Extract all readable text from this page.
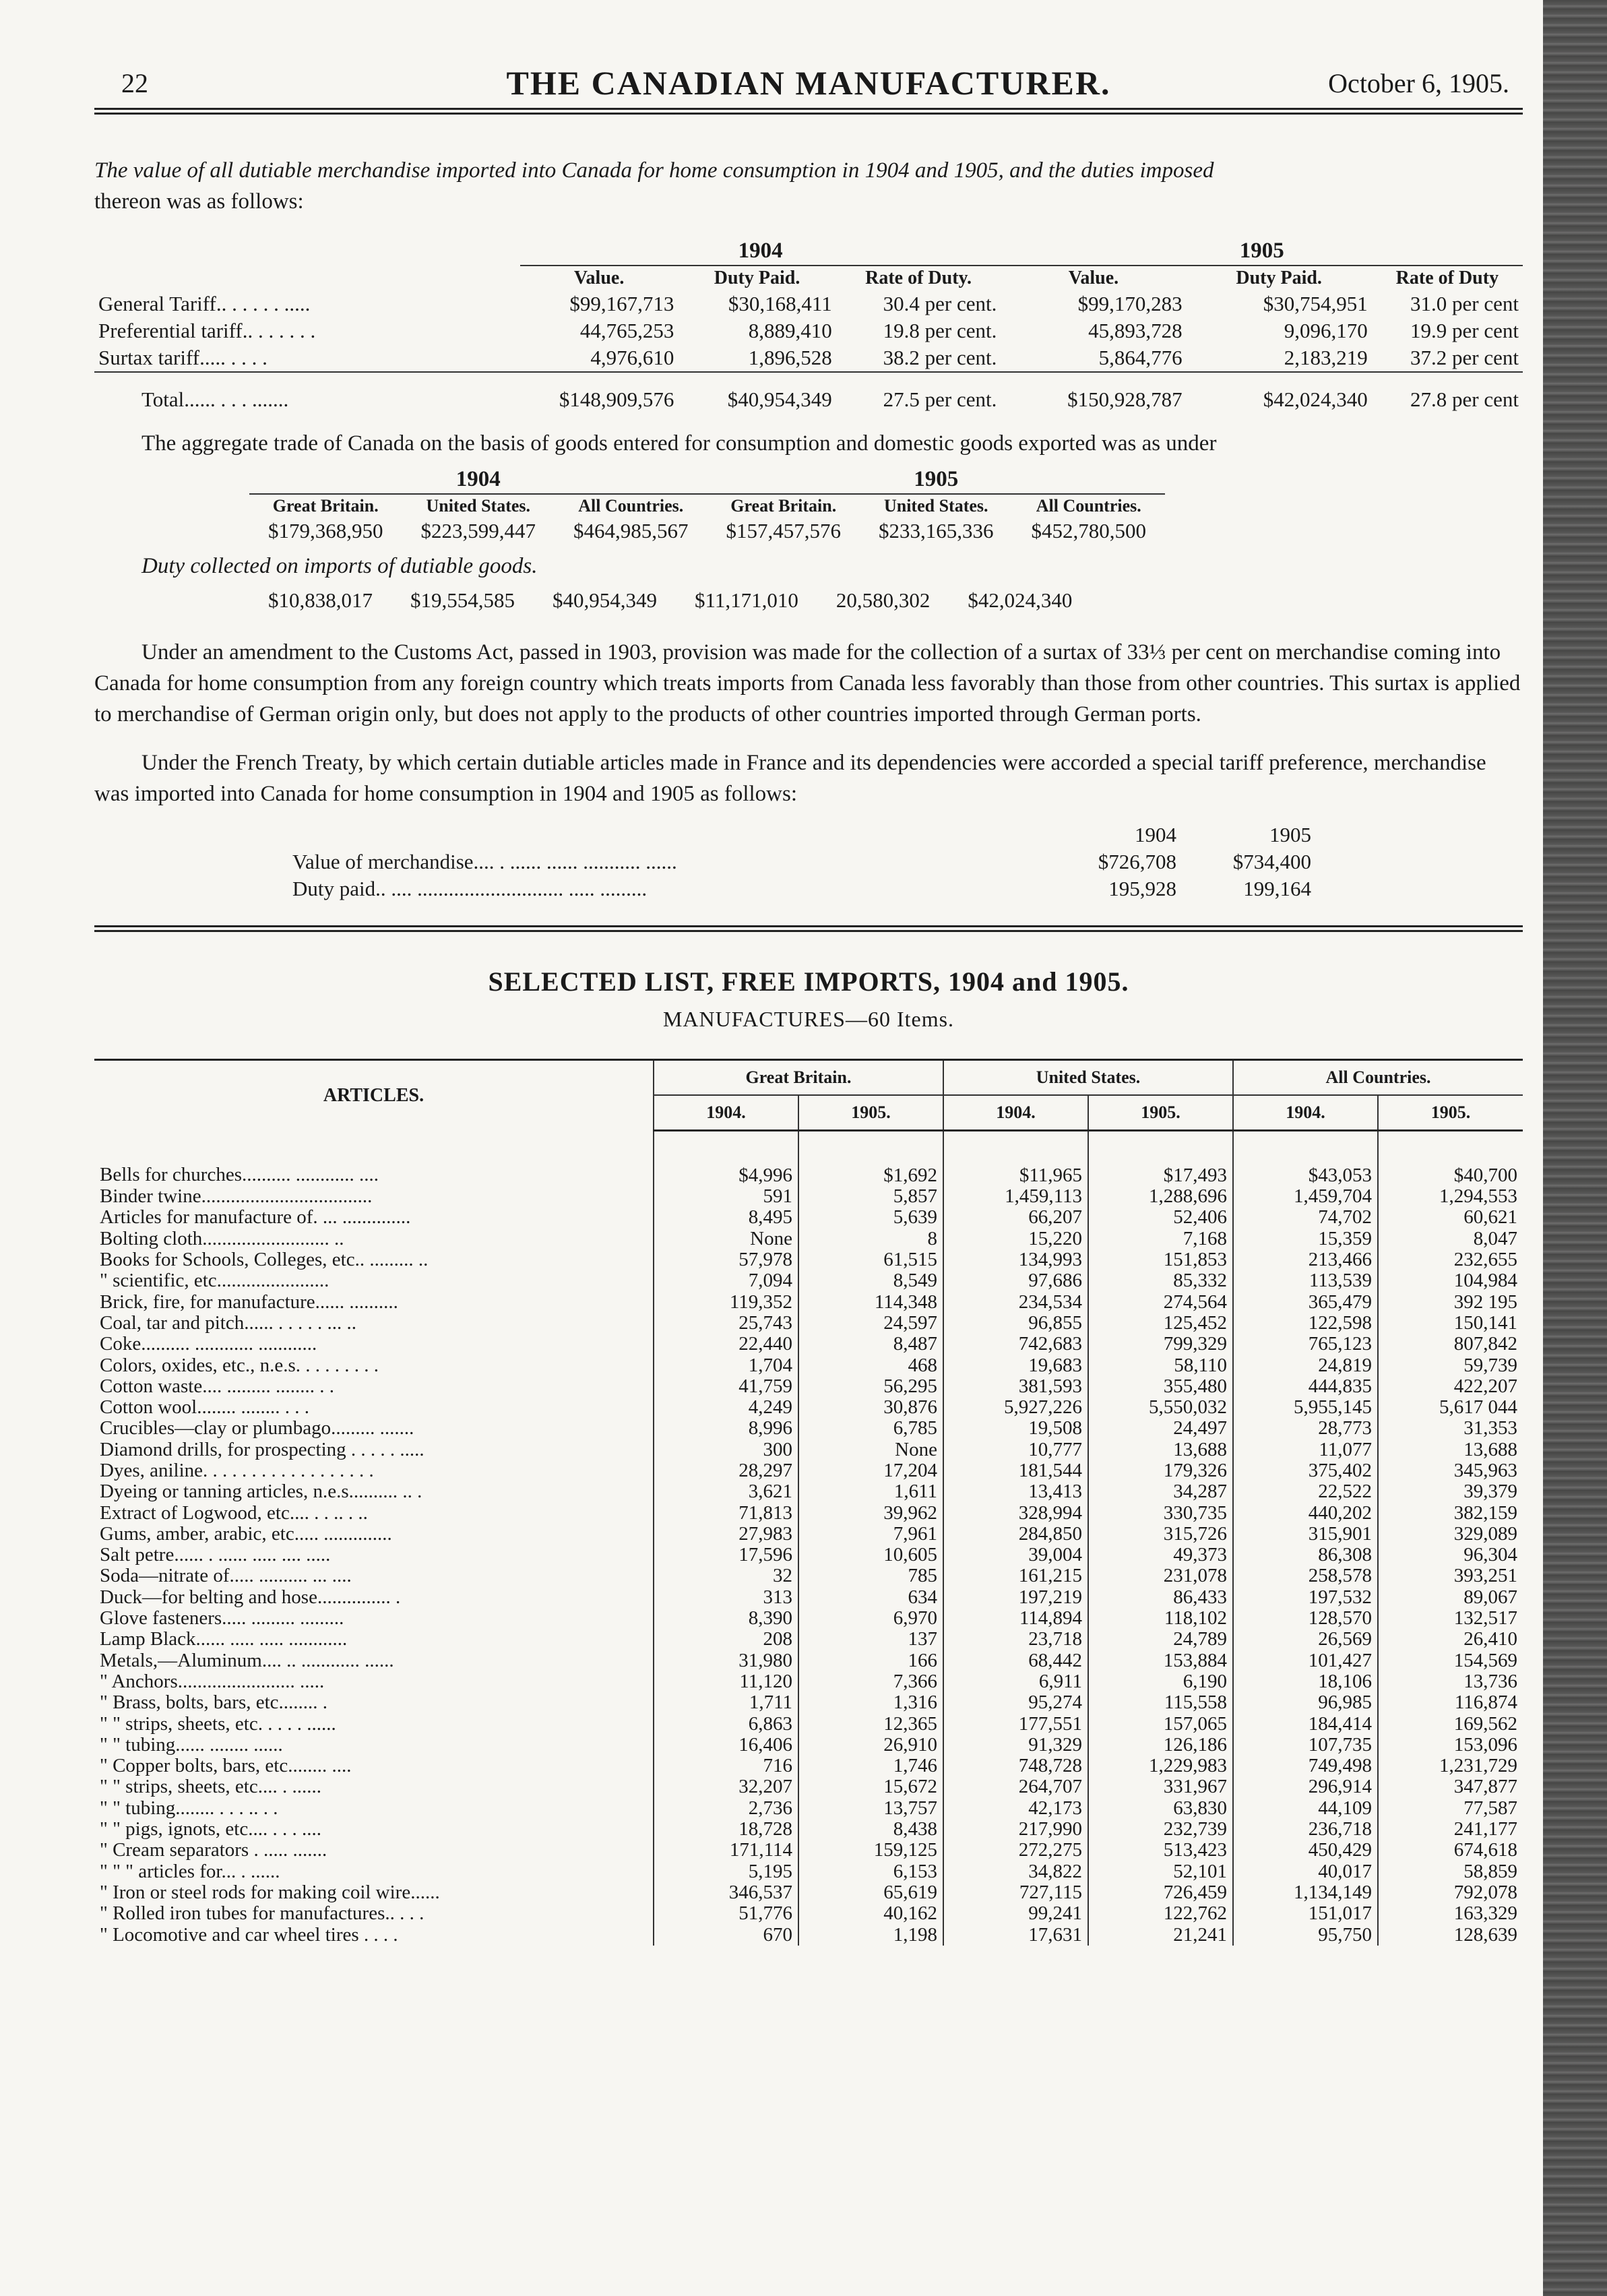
22	THE CANADIAN MANUFACTURER.	October 6, 1905.

The value of all dutiable merchandise imported into Canada for home consumption in 1904 and 1905, and the duties imposed
thereon was as follows:

	1904			1905		
	Value.	Duty Paid.	Rate of Duty.	Value.	Duty Paid.	Rate of Duty
General Tariff.. . . . . . .....	$99,167,713	$30,168,411	30.4 per cent.	$99,170,283	$30,754,951	31.0 per cent
Preferential tariff.. . . . . . .	44,765,253	8,889,410	19.8 per cent.	45,893,728	9,096,170	19.9 per cent
Surtax tariff..... . . . .	4,976,610	1,896,528	38.2 per cent.	5,864,776	2,183,219	37.2 per cent
Total...... . . . .......	$148,909,576	$40,954,349	27.5 per cent.	$150,928,787	$42,024,340	27.8 per cent

The aggregate trade of Canada on the basis of goods entered for consumption and domestic goods exported was as under

1904			1905		
Great Britain.	United States.	All Countries.	Great Britain.	United States.	All Countries.
$179,368,950	$223,599,447	$464,985,567	$157,457,576	$233,165,336	$452,780,500
Duty collected on imports of dutiable goods.
$10,838,017	$19,554,585	$40,954,349	$11,171,010	20,580,302	$42,024,340

Under an amendment to the Customs Act, passed in 1903, provision was made for the collection of a surtax of 33⅓ per cent on merchandise coming into Canada for home consumption from any foreign country which treats imports from Canada less favorably than those from other countries. This surtax is applied to merchandise of German origin only, but does not apply to the products of other countries imported through German ports.

Under the French Treaty, by which certain dutiable articles made in France and its dependencies were accorded a special tariff preference, merchandise was imported into Canada for home consumption in 1904 and 1905 as follows:

	1904	1905
Value of merchandise.... . ...... ...... ........... ......	$726,708	$734,400
Duty paid.. .... ............................ ..... .........	195,928	199,164
SELECTED LIST, FREE IMPORTS, 1904 and 1905.
MANUFACTURES—60 Items.
ARTICLES.	Great Britain.		United States.		All Countries.	
	1904.	1905.	1904.	1905.	1904.	1905.
Bells for churches.......... ............ ....	$4,996	$1,692	$11,965	$17,493	$43,053	$40,700
Binder twine...................................	591	5,857	1,459,113	1,288,696	1,459,704	1,294,553
Articles for manufacture of. ... ..............	8,495	5,639	66,207	52,406	74,702	60,621
Bolting cloth.......................... ..	None	8	15,220	7,168	15,359	8,047
Books for Schools, Colleges, etc.. ......... ..	57,978	61,515	134,993	151,853	213,466	232,655
" scientific, etc.......................	7,094	8,549	97,686	85,332	113,539	104,984
Brick, fire, for manufacture...... ..........	119,352	114,348	234,534	274,564	365,479	392 195
Coal, tar and pitch...... . . . . . ... ..	25,743	24,597	96,855	125,452	122,598	150,141
Coke.......... ............ ............	22,440	8,487	742,683	799,329	765,123	807,842
Colors, oxides, etc., n.e.s. . . . . . . . .	1,704	468	19,683	58,110	24,819	59,739
Cotton waste.... ......... ........ . .	41,759	56,295	381,593	355,480	444,835	422,207
Cotton wool........ ........ . . .	4,249	30,876	5,927,226	5,550,032	5,955,145	5,617 044
Crucibles—clay or plumbago......... .......	8,996	6,785	19,508	24,497	28,773	31,353
Diamond drills, for prospecting . . . . . .....	300	None	10,777	13,688	11,077	13,688
Dyes, aniline. . . . . . . . . . . . . . . . . .	28,297	17,204	181,544	179,326	375,402	345,963
Dyeing or tanning articles, n.e.s.......... .. .	3,621	1,611	13,413	34,287	22,522	39,379
Extract of Logwood, etc.... . . .. . ..	71,813	39,962	328,994	330,735	440,202	382,159
Gums, amber, arabic, etc..... ..............	27,983	7,961	284,850	315,726	315,901	329,089
Salt petre...... . ...... ..... .... .....	17,596	10,605	39,004	49,373	86,308	96,304
Soda—nitrate of..... .......... ... ....	32	785	161,215	231,078	258,578	393,251
Duck—for belting and hose............... .	313	634	197,219	86,433	197,532	89,067
Glove fasteners..... ......... .........	8,390	6,970	114,894	118,102	128,570	132,517
Lamp Black...... ..... ..... ............	208	137	23,718	24,789	26,569	26,410
Metals,—Aluminum.... .. ............ ......	31,980	166	68,442	153,884	101,427	154,569
" Anchors........................ .....	11,120	7,366	6,911	6,190	18,106	13,736
" Brass, bolts, bars, etc........ .	1,711	1,316	95,274	115,558	96,985	116,874
" " strips, sheets, etc. . . . . ......	6,863	12,365	177,551	157,065	184,414	169,562
" " tubing...... ........ ......	16,406	26,910	91,329	126,186	107,735	153,096
" Copper bolts, bars, etc........ ....	716	1,746	748,728	1,229,983	749,498	1,231,729
" " strips, sheets, etc.... . ......	32,207	15,672	264,707	331,967	296,914	347,877
" " tubing........ . . . .. . .	2,736	13,757	42,173	63,830	44,109	77,587
" " pigs, ignots, etc.... . . . ....	18,728	8,438	217,990	232,739	236,718	241,177
" Cream separators . ..... .......	171,114	159,125	272,275	513,423	450,429	674,618
" " " articles for... . ......	5,195	6,153	34,822	52,101	40,017	58,859
" Iron or steel rods for making coil wire......	346,537	65,619	727,115	726,459	1,134,149	792,078
" Rolled iron tubes for manufactures.. . . .	51,776	40,162	99,241	122,762	151,017	163,329
" Locomotive and car wheel tires . . . .	670	1,198	17,631	21,241	95,750	128,639
